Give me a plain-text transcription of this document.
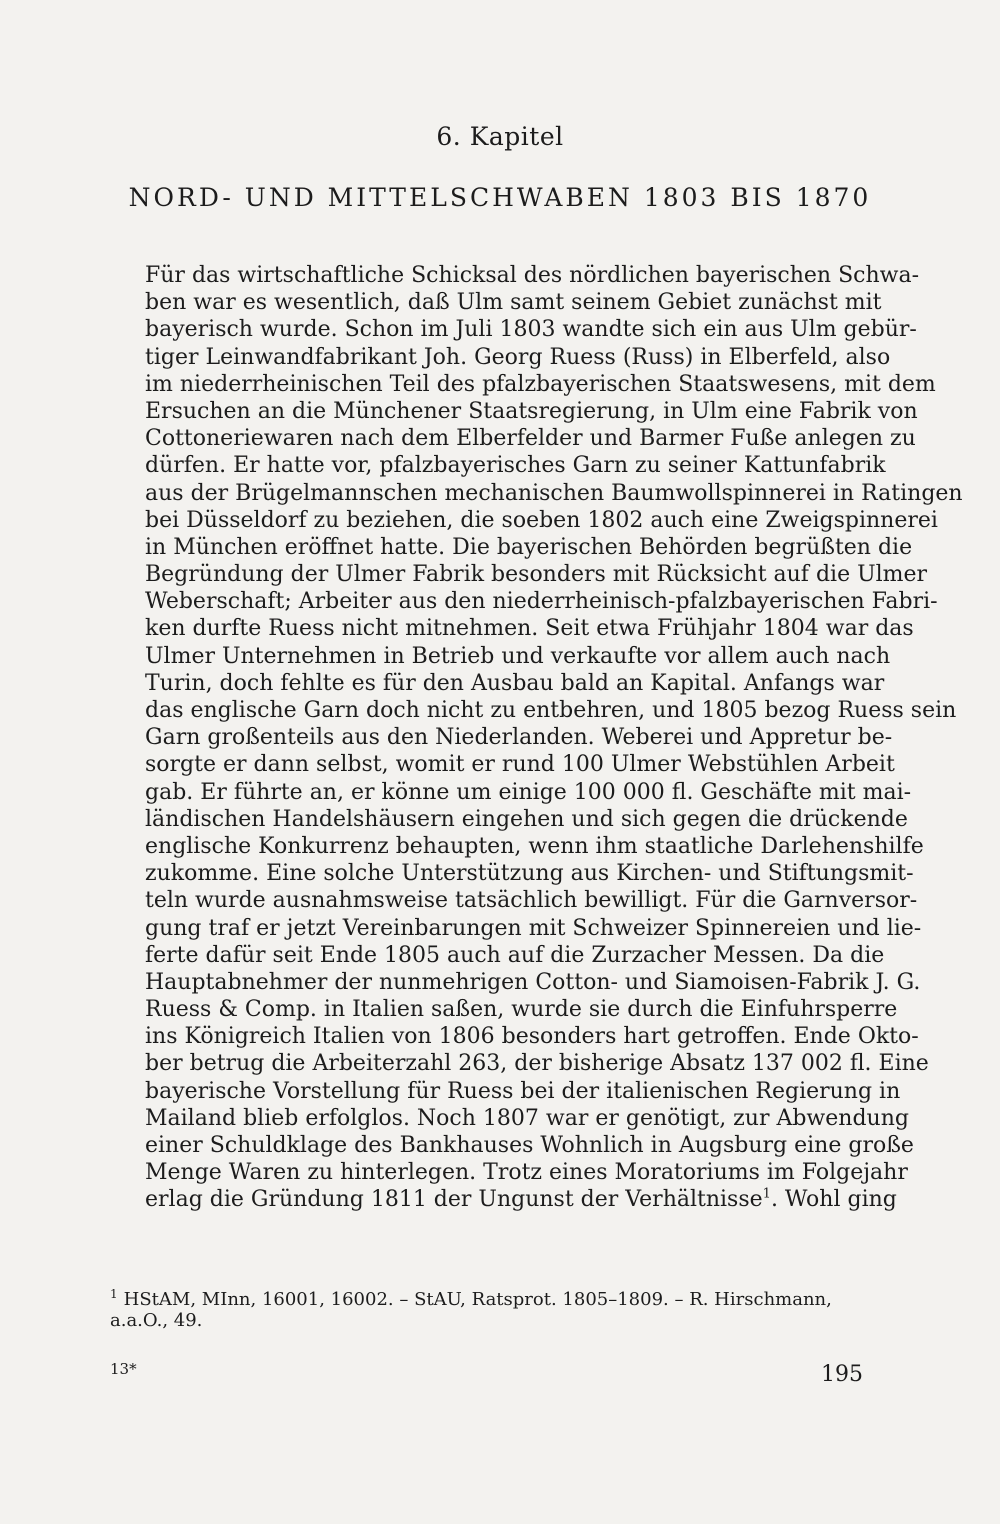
6. Kapitel
NORD- UND MITTELSCHWABEN 1803 BIS 1870
Für das wirtschaftliche Schicksal des nördlichen bayerischen Schwa-
ben war es wesentlich, daß Ulm samt seinem Gebiet zunächst mit
bayerisch wurde. Schon im Juli 1803 wandte sich ein aus Ulm gebür-
tiger Leinwandfabrikant Joh. Georg Ruess (Russ) in Elberfeld, also
im niederrheinischen Teil des pfalzbayerischen Staatswesens, mit dem
Ersuchen an die Münchener Staatsregierung, in Ulm eine Fabrik von
Cottoneriewaren nach dem Elberfelder und Barmer Fuße anlegen zu
dürfen. Er hatte vor, pfalzbayerisches Garn zu seiner Kattunfabrik
aus der Brügelmannschen mechanischen Baumwollspinnerei in Ratingen
bei Düsseldorf zu beziehen, die soeben 1802 auch eine Zweigspinnerei
in München eröffnet hatte. Die bayerischen Behörden begrüßten die
Begründung der Ulmer Fabrik besonders mit Rücksicht auf die Ulmer
Weberschaft; Arbeiter aus den niederrheinisch-pfalzbayerischen Fabri-
ken durfte Ruess nicht mitnehmen. Seit etwa Frühjahr 1804 war das
Ulmer Unternehmen in Betrieb und verkaufte vor allem auch nach
Turin, doch fehlte es für den Ausbau bald an Kapital. Anfangs war
das englische Garn doch nicht zu entbehren, und 1805 bezog Ruess sein
Garn großenteils aus den Niederlanden. Weberei und Appretur be-
sorgte er dann selbst, womit er rund 100 Ulmer Webstühlen Arbeit
gab. Er führte an, er könne um einige 100 000 fl. Geschäfte mit mai-
ländischen Handelshäusern eingehen und sich gegen die drückende
englische Konkurrenz behaupten, wenn ihm staatliche Darlehenshilfe
zukomme. Eine solche Unterstützung aus Kirchen- und Stiftungsmit-
teln wurde ausnahmsweise tatsächlich bewilligt. Für die Garnversor-
gung traf er jetzt Vereinbarungen mit Schweizer Spinnereien und lie-
ferte dafür seit Ende 1805 auch auf die Zurzacher Messen. Da die
Hauptabnehmer der nunmehrigen Cotton- und Siamoisen-Fabrik J. G.
Ruess & Comp. in Italien saßen, wurde sie durch die Einfuhrsperre
ins Königreich Italien von 1806 besonders hart getroffen. Ende Okto-
ber betrug die Arbeiterzahl 263, der bisherige Absatz 137 002 fl. Eine
bayerische Vorstellung für Ruess bei der italienischen Regierung in
Mailand blieb erfolglos. Noch 1807 war er genötigt, zur Abwendung
einer Schuldklage des Bankhauses Wohnlich in Augsburg eine große
Menge Waren zu hinterlegen. Trotz eines Moratoriums im Folgejahr
erlag die Gründung 1811 der Ungunst der Verhältnisse$^1$. Wohl ging
$^1$ HStAM, MInn, 16001, 16002. – StAU, Ratsprot. 1805–1809. – R. Hirschmann,
a.a.O., 49.
13*	195
